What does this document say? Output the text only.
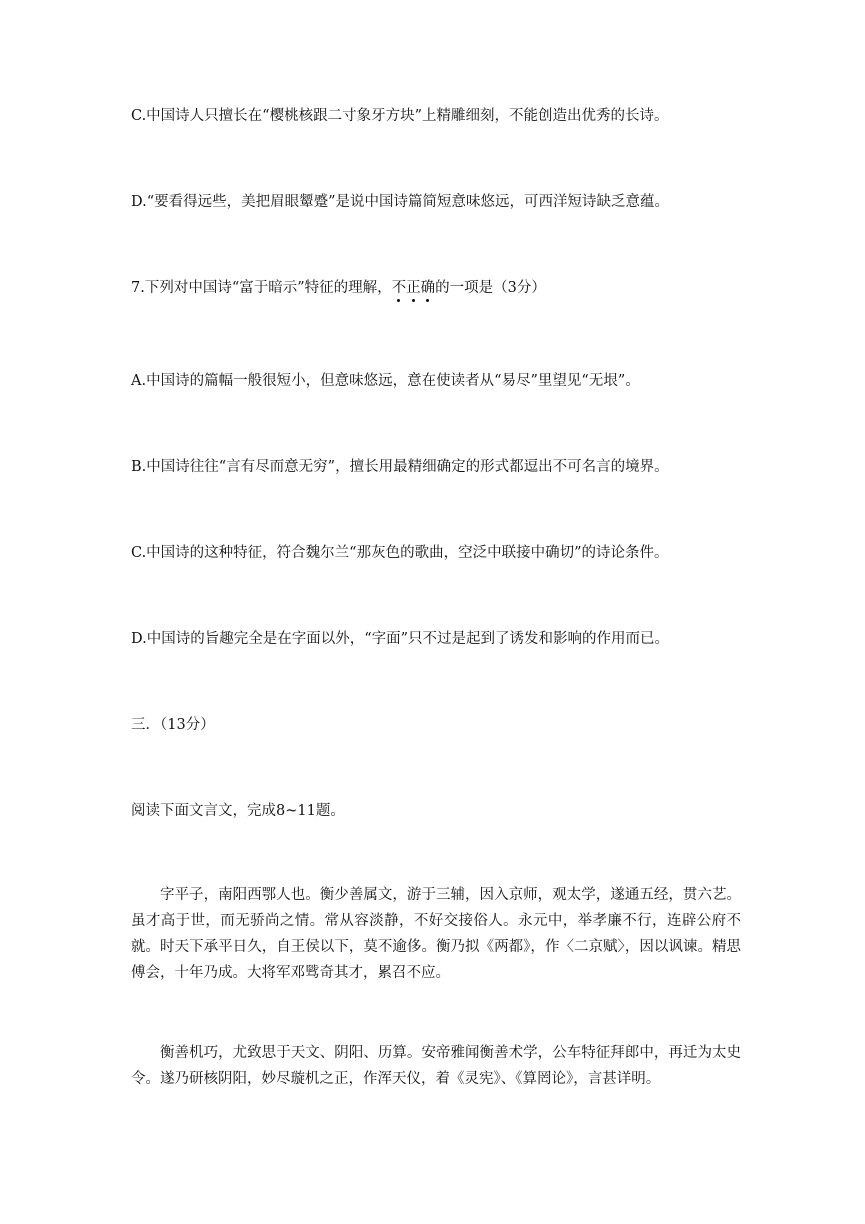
C.中国诗人只擅长在“樱桃核跟二寸象牙方块”上精雕细刻，不能创造出优秀的长诗。
D.“要看得远些，美把眉眼颦蹙”是说中国诗篇简短意味悠远，可西洋短诗缺乏意蕴。
7.下列对中国诗“富于暗示”特征的理解，不正确的一项是（3分）
A.中国诗的篇幅一般很短小，但意味悠远，意在使读者从“易尽”里望见“无垠”。
B.中国诗往往“言有尽而意无穷”，擅长用最精细确定的形式都逗出不可名言的境界。
C.中国诗的这种特征，符合魏尔兰“那灰色的歌曲，空泛中联接中确切”的诗论条件。
D.中国诗的旨趣完全是在字面以外，“字面”只不过是起到了诱发和影响的作用而已。
三．（13分）
阅读下面文言文，完成8~11题。

字平子，南阳西鄂人也。衡少善属文，游于三辅，因入京师，观太学，遂通五经，贯六艺。虽才高于世，而无骄尚之情。常从容淡静，不好交接俗人。永元中，举孝廉不行，连辟公府不就。时天下承平日久，自王侯以下，莫不逾侈。衡乃拟《两都》，作〈二京赋〉，因以讽谏。精思傅会，十年乃成。大将军邓骘奇其才，累召不应。

衡善机巧，尤致思于天文、阴阳、历算。安帝雅闻衡善术学，公车特征拜郎中，再迁为太史令。遂乃研核阴阳，妙尽璇机之正，作浑天仪，着《灵宪》、《算罔论》，言甚详明。
